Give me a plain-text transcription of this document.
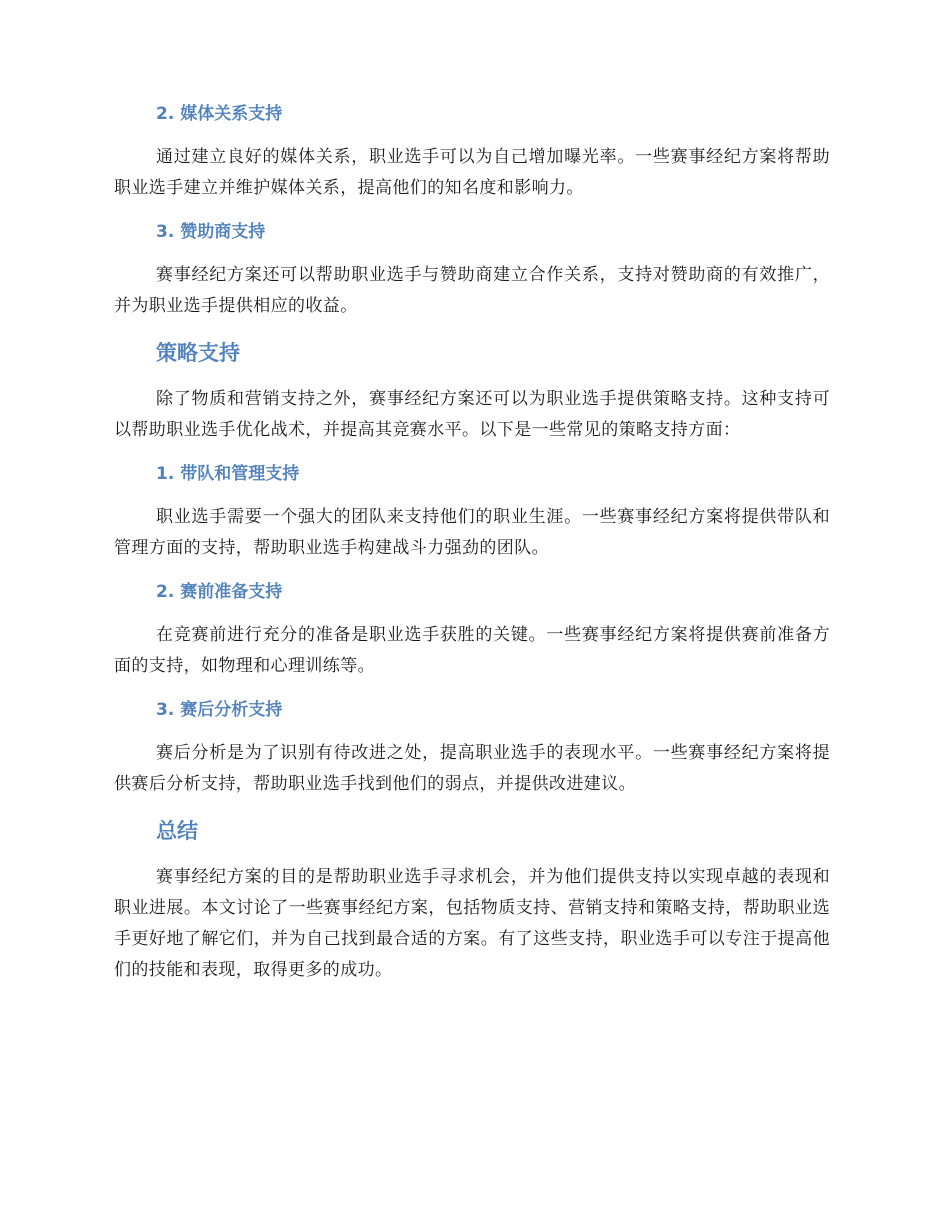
2. 媒体关系支持

通过建立良好的媒体关系，职业选手可以为自己增加曝光率。一些赛事经纪方案将帮助职业选手建立并维护媒体关系，提高他们的知名度和影响力。

3. 赞助商支持

赛事经纪方案还可以帮助职业选手与赞助商建立合作关系，支持对赞助商的有效推广，并为职业选手提供相应的收益。

策略支持

除了物质和营销支持之外，赛事经纪方案还可以为职业选手提供策略支持。这种支持可以帮助职业选手优化战术，并提高其竞赛水平。以下是一些常见的策略支持方面：

1. 带队和管理支持

职业选手需要一个强大的团队来支持他们的职业生涯。一些赛事经纪方案将提供带队和管理方面的支持，帮助职业选手构建战斗力强劲的团队。

2. 赛前准备支持

在竞赛前进行充分的准备是职业选手获胜的关键。一些赛事经纪方案将提供赛前准备方面的支持，如物理和心理训练等。

3. 赛后分析支持

赛后分析是为了识别有待改进之处，提高职业选手的表现水平。一些赛事经纪方案将提供赛后分析支持，帮助职业选手找到他们的弱点，并提供改进建议。

总结

赛事经纪方案的目的是帮助职业选手寻求机会，并为他们提供支持以实现卓越的表现和职业进展。本文讨论了一些赛事经纪方案，包括物质支持、营销支持和策略支持，帮助职业选手更好地了解它们，并为自己找到最合适的方案。有了这些支持，职业选手可以专注于提高他们的技能和表现，取得更多的成功。
